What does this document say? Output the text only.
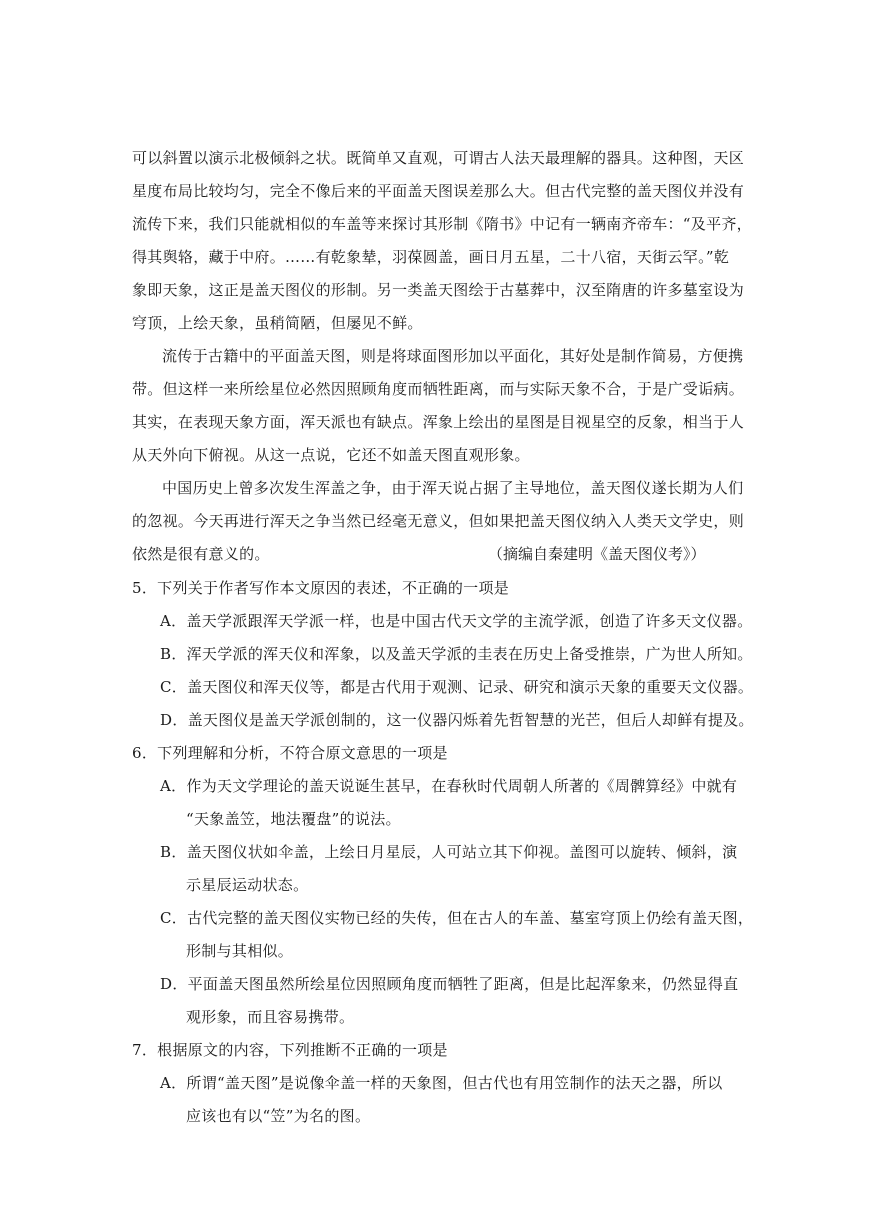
可以斜置以演示北极倾斜之状。既简单又直观，可谓古人法天最理解的器具。这种图，天区
星度布局比较均匀，完全不像后来的平面盖天图误差那么大。但古代完整的盖天图仪并没有
流传下来，我们只能就相似的车盖等来探讨其形制《隋书》中记有一辆南齐帝车：“及平齐，
得其舆辂，藏于中府。……有乾象辇，羽葆圆盖，画日月五星，二十八宿，天街云罕。”乾
象即天象，这正是盖天图仪的形制。另一类盖天图绘于古墓葬中，汉至隋唐的许多墓室设为
穹顶，上绘天象，虽稍简陋，但屡见不鲜。
流传于古籍中的平面盖天图，则是将球面图形加以平面化，其好处是制作简易，方便携
带。但这样一来所绘星位必然因照顾角度而牺牲距离，而与实际天象不合，于是广受诟病。
其实，在表现天象方面，浑天派也有缺点。浑象上绘出的星图是目视星空的反象，相当于人
从天外向下俯视。从这一点说，它还不如盖天图直观形象。
中国历史上曾多次发生浑盖之争，由于浑天说占据了主导地位，盖天图仪遂长期为人们
的忽视。今天再进行浑天之争当然已经毫无意义，但如果把盖天图仪纳入人类天文学史，则
依然是很有意义的。	（摘编自秦建明《盖天图仪考》）
5．下列关于作者写作本文原因的表述，不正确的一项是
A．盖天学派跟浑天学派一样，也是中国古代天文学的主流学派，创造了许多天文仪器。
B．浑天学派的浑天仪和浑象，以及盖天学派的圭表在历史上备受推崇，广为世人所知。
C．盖天图仪和浑天仪等，都是古代用于观测、记录、研究和演示天象的重要天文仪器。
D．盖天图仪是盖天学派创制的，这一仪器闪烁着先哲智慧的光芒，但后人却鲜有提及。
6．下列理解和分析，不符合原文意思的一项是
A．作为天文学理论的盖天说诞生甚早，在春秋时代周朝人所著的《周髀算经》中就有
“天象盖笠，地法覆盘”的说法。
B．盖天图仪状如伞盖，上绘日月星辰，人可站立其下仰视。盖图可以旋转、倾斜，演
示星辰运动状态。
C．古代完整的盖天图仪实物已经的失传，但在古人的车盖、墓室穹顶上仍绘有盖天图，
形制与其相似。
D．平面盖天图虽然所绘星位因照顾角度而牺牲了距离，但是比起浑象来，仍然显得直
观形象，而且容易携带。
7．根据原文的内容，下列推断不正确的一项是
A．所谓“盖天图”是说像伞盖一样的天象图，但古代也有用笠制作的法天之器，所以
应该也有以“笠”为名的图。
